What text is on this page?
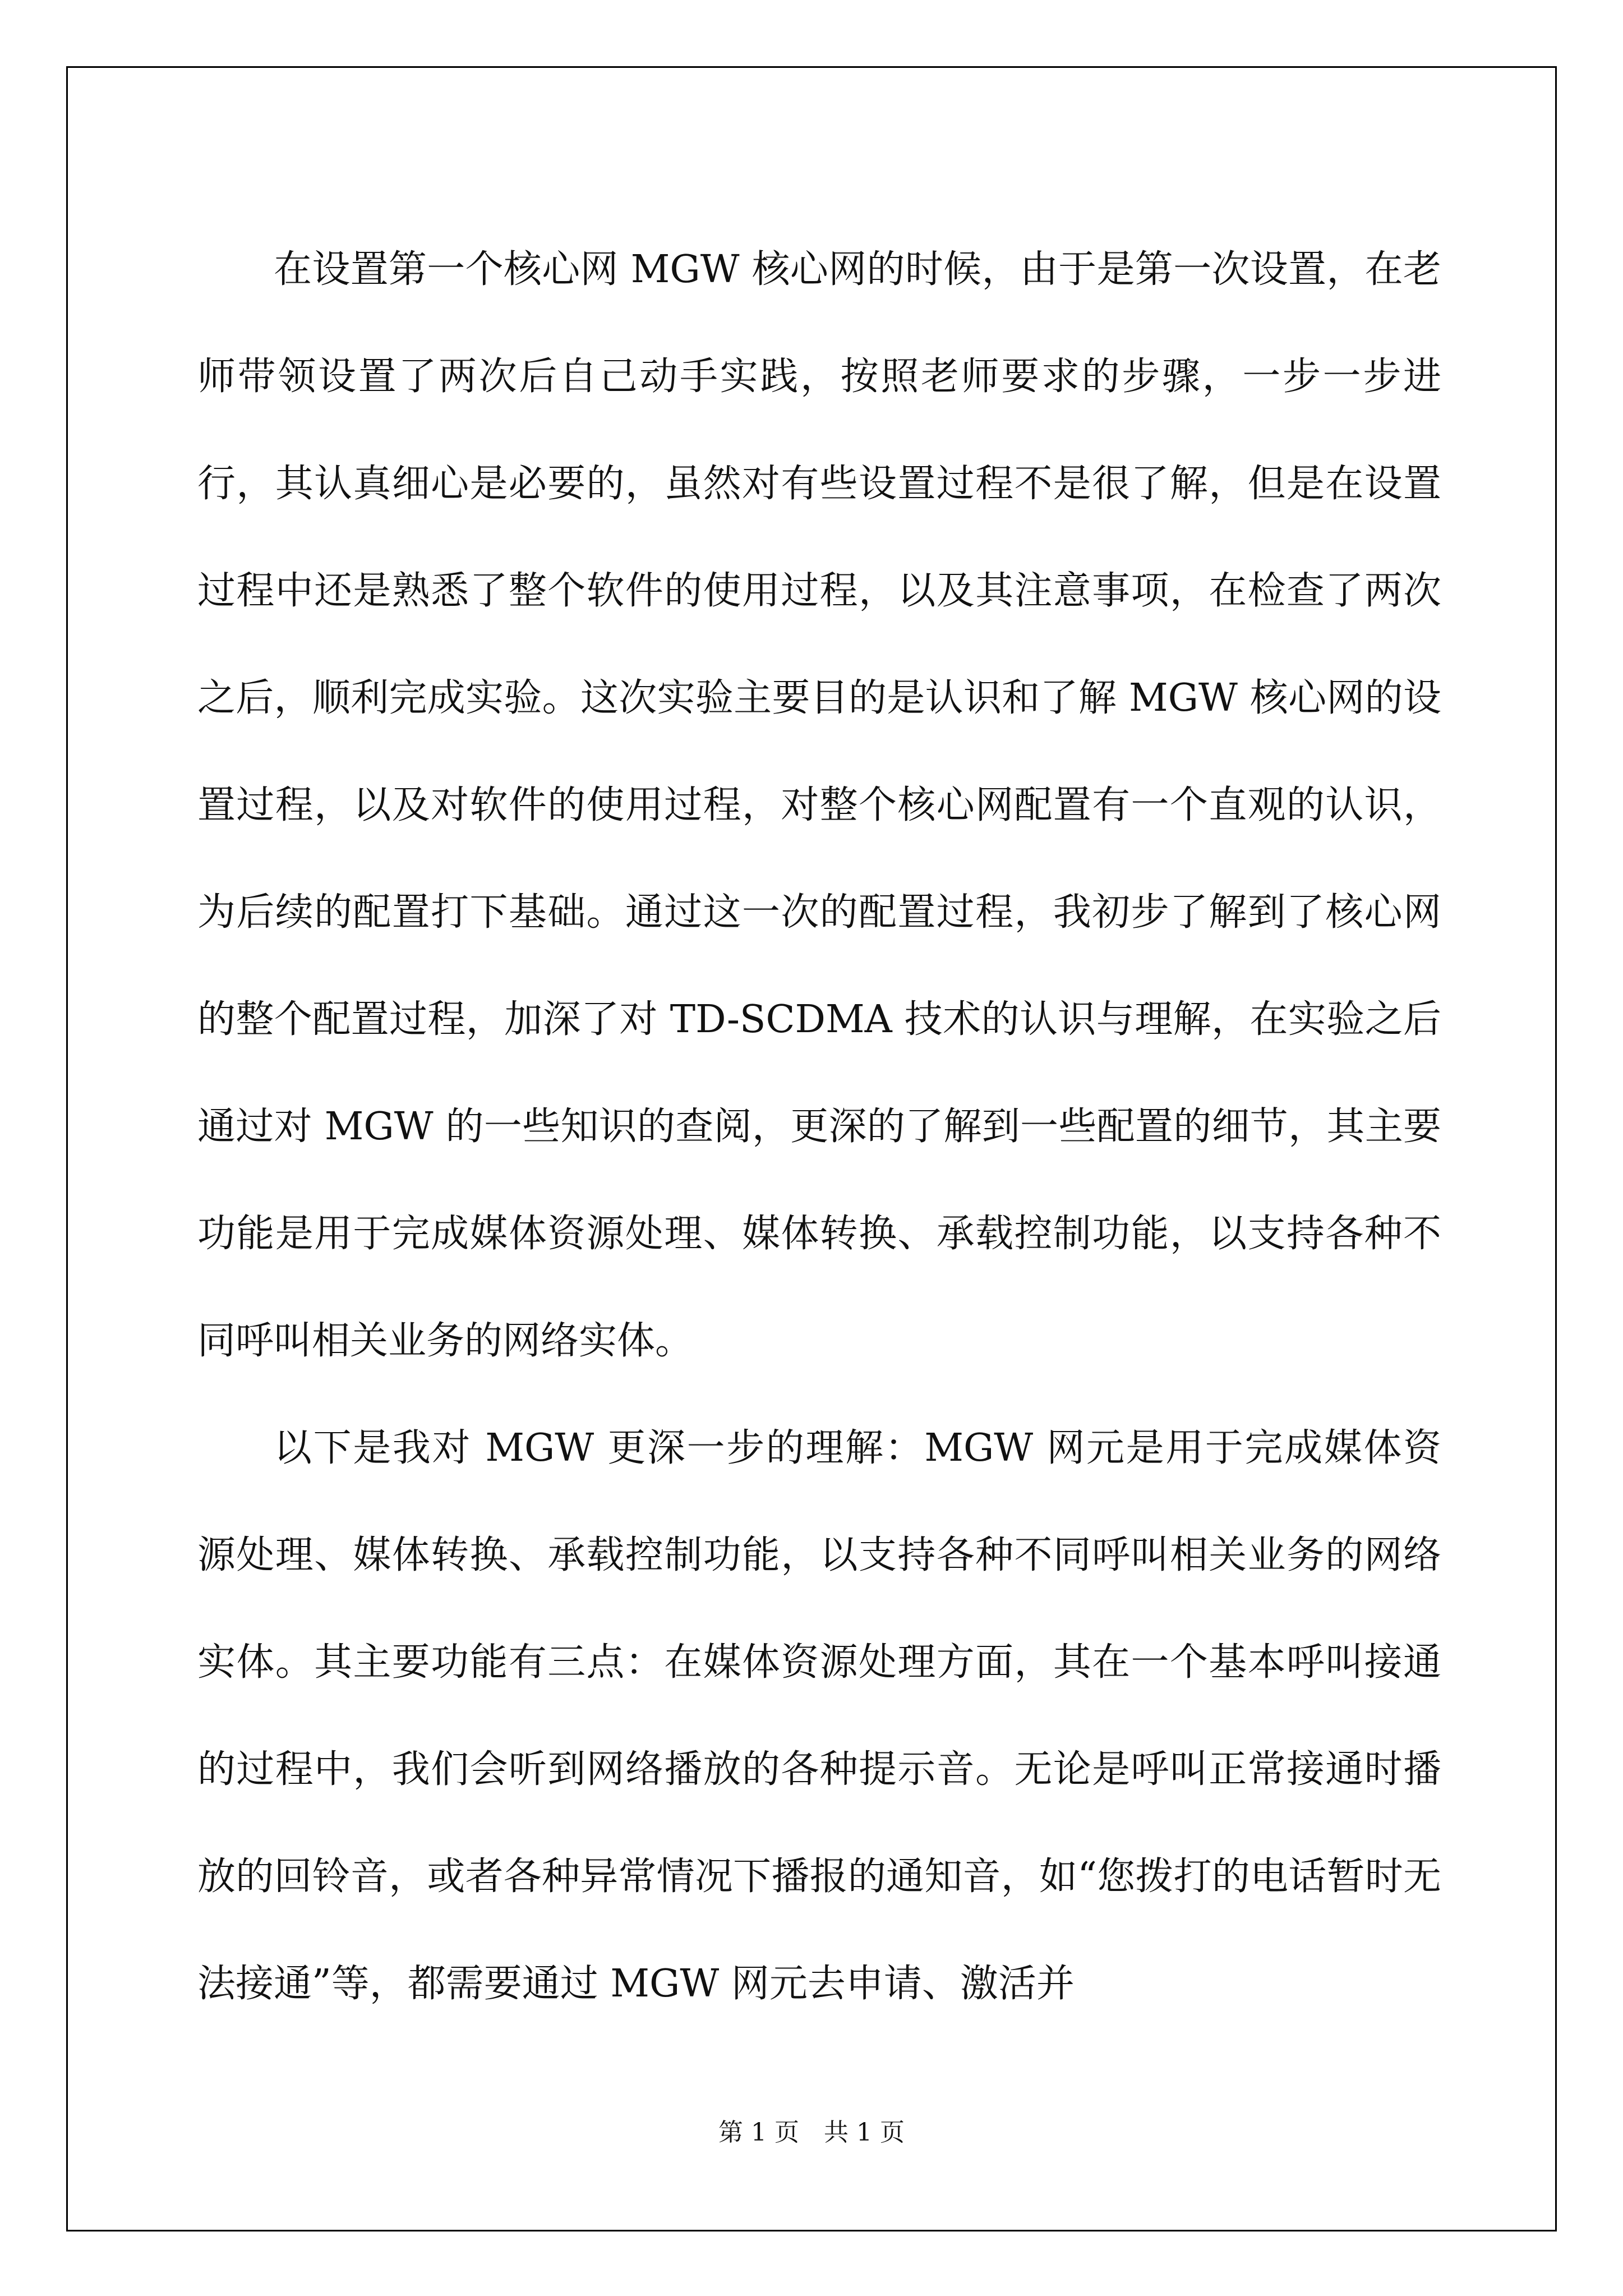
在设置第一个核心网 MGW 核心网的时候，由于是第一次设置，在老师带领设置了两次后自己动手实践，按照老师要求的步骤，一步一步进行，其认真细心是必要的，虽然对有些设置过程不是很了解，但是在设置过程中还是熟悉了整个软件的使用过程，以及其注意事项，在检查了两次之后，顺利完成实验。这次实验主要目的是认识和了解 MGW 核心网的设置过程，以及对软件的使用过程，对整个核心网配置有一个直观的认识，为后续的配置打下基础。通过这一次的配置过程，我初步了解到了核心网的整个配置过程，加深了对 TD-SCDMA 技术的认识与理解，在实验之后通过对 MGW 的一些知识的查阅，更深的了解到一些配置的细节，其主要功能是用于完成媒体资源处理、媒体转换、承载控制功能，以支持各种不同呼叫相关业务的网络实体。

以下是我对 MGW 更深一步的理解：MGW 网元是用于完成媒体资源处理、媒体转换、承载控制功能，以支持各种不同呼叫相关业务的网络实体。其主要功能有三点：在媒体资源处理方面，其在一个基本呼叫接通的过程中，我们会听到网络播放的各种提示音。无论是呼叫正常接通时播放的回铃音，或者各种异常情况下播报的通知音，如“您拨打的电话暂时无法接通”等，都需要通过 MGW 网元去申请、激活并

第 1 页　共 1 页
